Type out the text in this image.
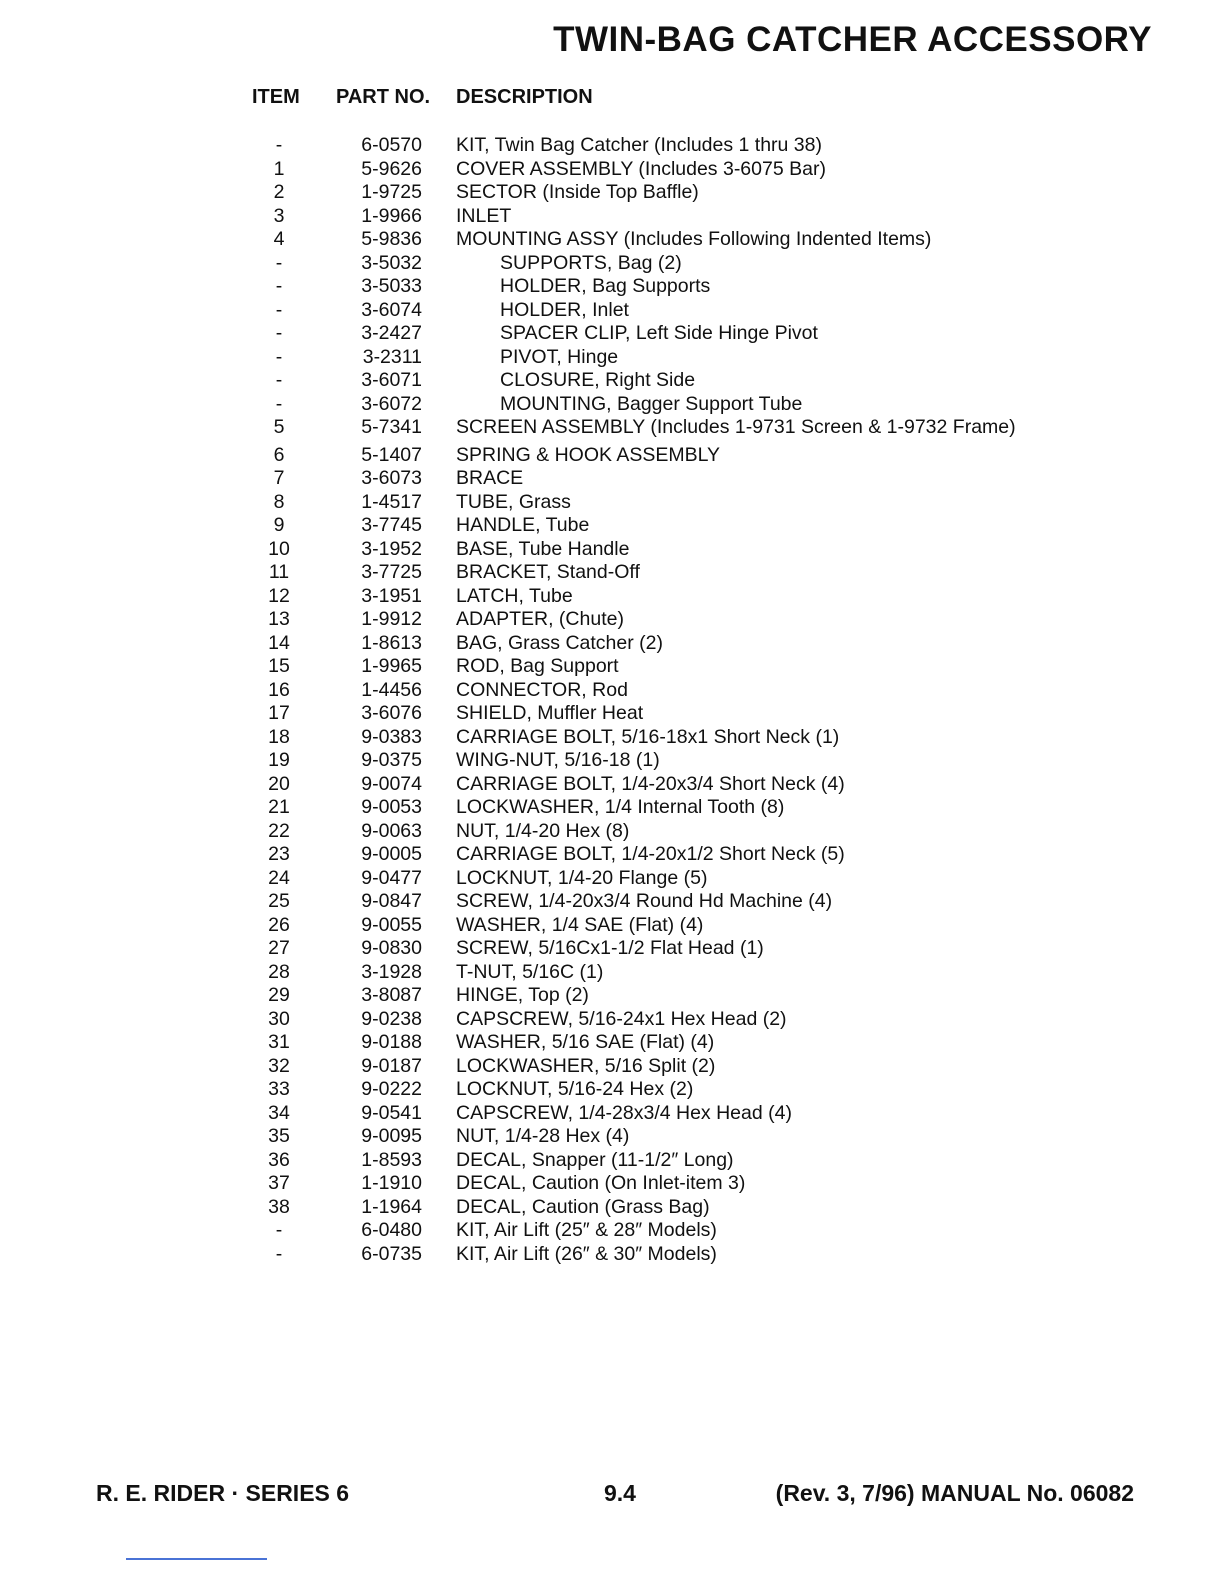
TWIN-BAG CATCHER ACCESSORY
ITEM PART NO. DESCRIPTION
-	6-0570 KIT, Twin Bag Catcher (Includes 1 thru 38)
1	5-9626 COVER ASSEMBLY (Includes 3-6075 Bar)
2	1-9725 SECTOR (Inside Top Baffle)
3	1-9966 INLET
4	5-9836 MOUNTING ASSY (Includes Following Indented Items)
-	3-5032	SUPPORTS, Bag (2)
-	3-5033	HOLDER, Bag Supports
-	3-6074	HOLDER, Inlet
-	3-2427	SPACER CLIP, Left Side Hinge Pivot
-	3-2311	PIVOT, Hinge
-	3-6071	CLOSURE, Right Side
-	3-6072	MOUNTING, Bagger Support Tube
5	5-7341 SCREEN ASSEMBLY (Includes 1-9731 Screen & 1-9732 Frame)
6	5-1407 SPRING & HOOK ASSEMBLY
7	3-6073 BRACE
8	1-4517 TUBE, Grass
9	3-7745 HANDLE, Tube
10	3-1952 BASE, Tube Handle
11	3-7725 BRACKET, Stand-Off
12	3-1951 LATCH, Tube
13	1-9912 ADAPTER, (Chute)
14	1-8613 BAG, Grass Catcher (2)
15	1-9965 ROD, Bag Support
16	1-4456 CONNECTOR, Rod
17	3-6076 SHIELD, Muffler Heat
18	9-0383 CARRIAGE BOLT, 5/16-18x1 Short Neck (1)
19	9-0375 WING-NUT, 5/16-18 (1)
20	9-0074 CARRIAGE BOLT, 1/4-20x3/4 Short Neck (4)
21	9-0053 LOCKWASHER, 1/4 Internal Tooth (8)
22	9-0063 NUT, 1/4-20 Hex (8)
23	9-0005 CARRIAGE BOLT, 1/4-20x1/2 Short Neck (5)
24	9-0477 LOCKNUT, 1/4-20 Flange (5)
25	9-0847 SCREW, 1/4-20x3/4 Round Hd Machine (4)
26	9-0055 WASHER, 1/4 SAE (Flat) (4)
27	9-0830 SCREW, 5/16Cx1-1/2 Flat Head (1)
28	3-1928 T-NUT, 5/16C (1)
29	3-8087 HINGE, Top (2)
30	9-0238 CAPSCREW, 5/16-24x1 Hex Head (2)
31	9-0188 WASHER, 5/16 SAE (Flat) (4)
32	9-0187 LOCKWASHER, 5/16 Split (2)
33	9-0222 LOCKNUT, 5/16-24 Hex (2)
34	9-0541 CAPSCREW, 1/4-28x3/4 Hex Head (4)
35	9-0095 NUT, 1/4-28 Hex (4)
36	1-8593 DECAL, Snapper (11-1/2″ Long)
37	1-1910 DECAL, Caution (On Inlet-item 3)
38	1-1964 DECAL, Caution (Grass Bag)
-	6-0480 KIT, Air Lift (25″ & 28″ Models)
-	6-0735 KIT, Air Lift (26″ & 30″ Models)
R. E. RIDER · SERIES 6	9.4	(Rev. 3, 7/96) MANUAL No. 06082
